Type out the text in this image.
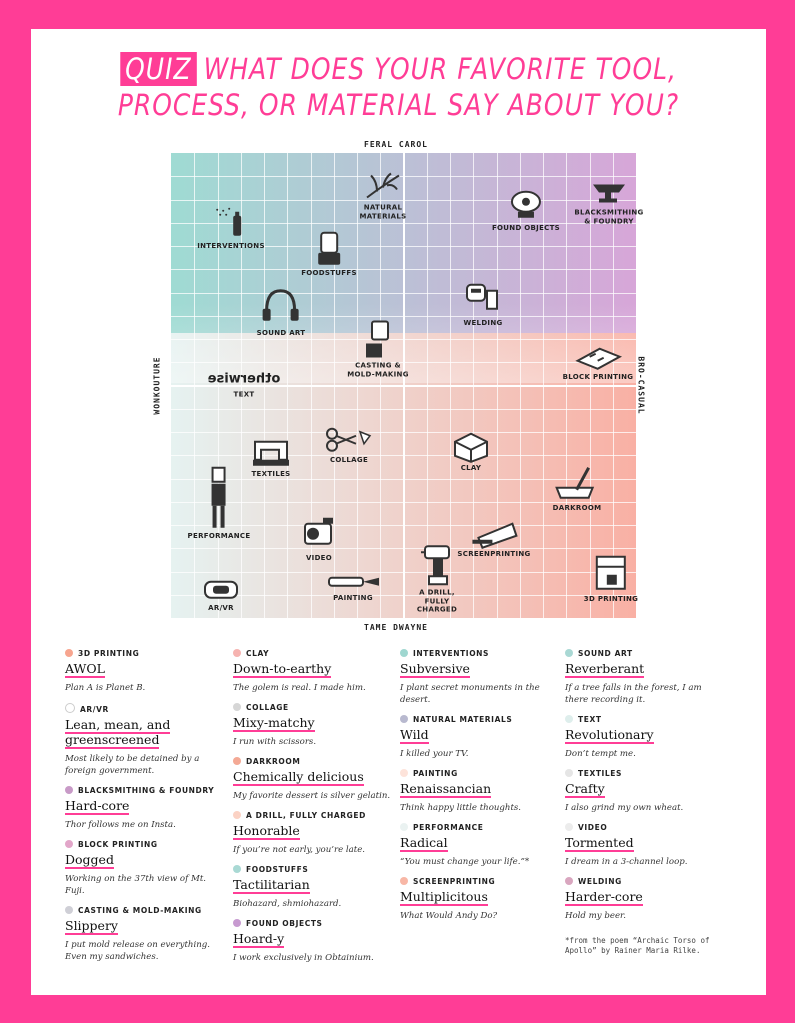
QUIZ WHAT DOES YOUR FAVORITE TOOL,
PROCESS, OR MATERIAL SAY ABOUT YOU?
FERAL CAROL
TAME DWAYNE
WONKOUTURE	BRO-CASUAL
INTERVENTIONS
NATURAL MATERIALS
FOODSTUFFS
FOUND OBJECTS
BLACKSMITHING & FOUNDRY
SOUND ART
WELDING
CASTING & MOLD-MAKING
otherwise
TEXT
BLOCK PRINTING
COLLAGE
TEXTILES
CLAY
DARKROOM
PERFORMANCE
VIDEO	SCREENPRINTING
AR/VR
PAINTING
A DRILL, FULLY CHARGED
3D PRINTING
3D PRINTING
AWOL
Plan A is Planet B.
AR/VR
Lean, mean, and greenscreened
Most likely to be detained by a foreign government.
BLACKSMITHING & FOUNDRY
Hard-core
Thor follows me on Insta.
BLOCK PRINTING
Dogged
Working on the 37th view of Mt. Fuji.
CASTING & MOLD-MAKING
Slippery
I put mold release on everything. Even my sandwiches.
CLAY
Down-to-earthy
The golem is real. I made him.
COLLAGE
Mixy-matchy
I run with scissors.
DARKROOM
Chemically delicious
My favorite dessert is silver gelatin.
A DRILL, FULLY CHARGED
Honorable
If you’re not early, you’re late.
FOODSTUFFS
Tactilitarian
Biohazard, shmiohazard.
FOUND OBJECTS
Hoard-y
I work exclusively in Obtainium.
INTERVENTIONS
Subversive
I plant secret monuments in the desert.
NATURAL MATERIALS
Wild
I killed your TV.
PAINTING
Renaissancian
Think happy little thoughts.
PERFORMANCE
Radical
“You must change your life.”*
SCREENPRINTING
Multiplicitous
What Would Andy Do?
SOUND ART
Reverberant
If a tree falls in the forest, I am there recording it.
TEXT
Revolutionary
Don’t tempt me.
TEXTILES
Crafty
I also grind my own wheat.
VIDEO
Tormented
I dream in a 3-channel loop.
WELDING
Harder-core
Hold my beer.
*from the poem “Archaic Torso of Apollo” by Rainer Maria Rilke.
